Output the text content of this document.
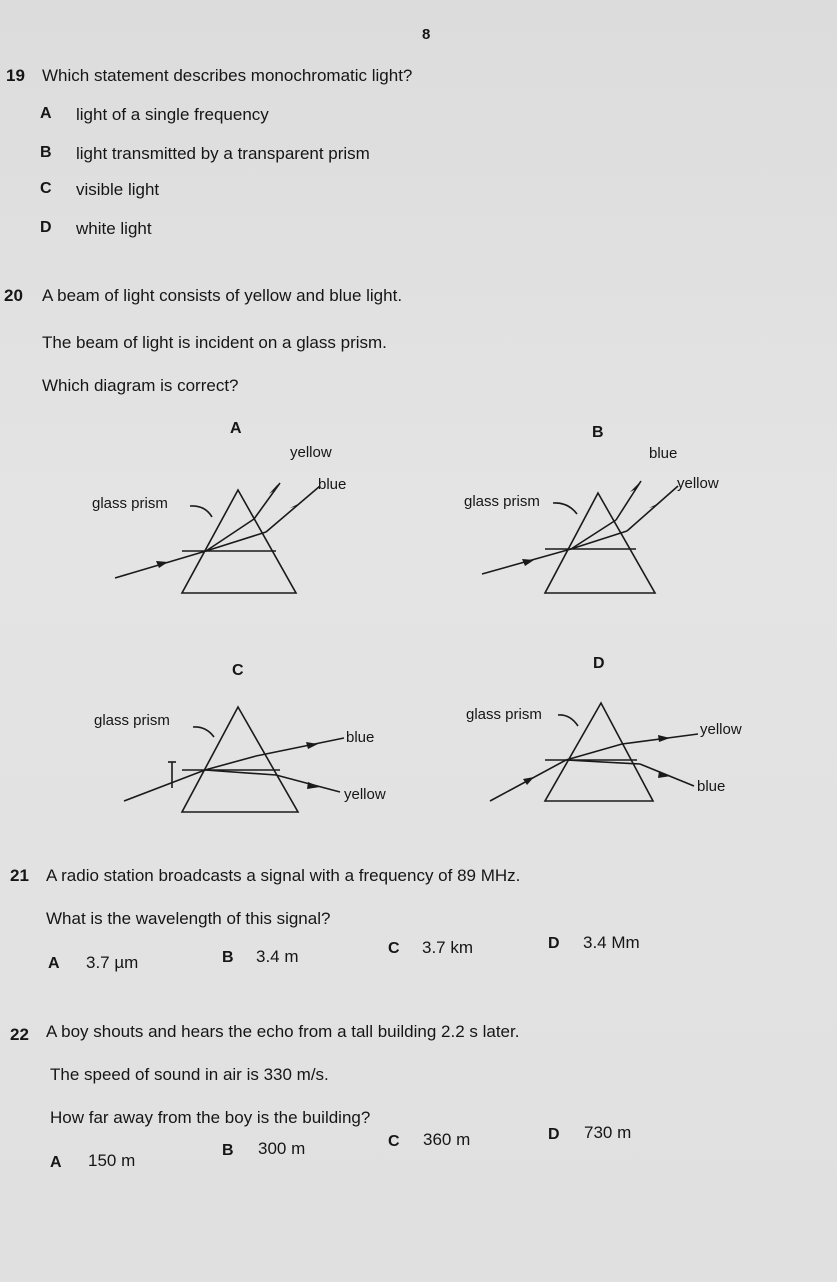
8
19 Which statement describes monochromatic light?
A light of a single frequency
B light transmitted by a transparent prism
C visible light
D white light
20 A beam of light consists of yellow and blue light.
The beam of light is incident on a glass prism.
Which diagram is correct?
A
yellow
blue
glass prism
B
blue
yellow
glass prism
C
glass prism
blue
yellow
D
glass prism
yellow
blue
21 A radio station broadcasts a signal with a frequency of 89 MHz.
What is the wavelength of this signal?
A 3.7 µm	B 3.4 m	C 3.7 km	D 3.4 Mm
22 A boy shouts and hears the echo from a tall building 2.2 s later.
The speed of sound in air is 330 m/s.
How far away from the boy is the building?
A 150 m
B 300 m	C 360 m	D 730 m
